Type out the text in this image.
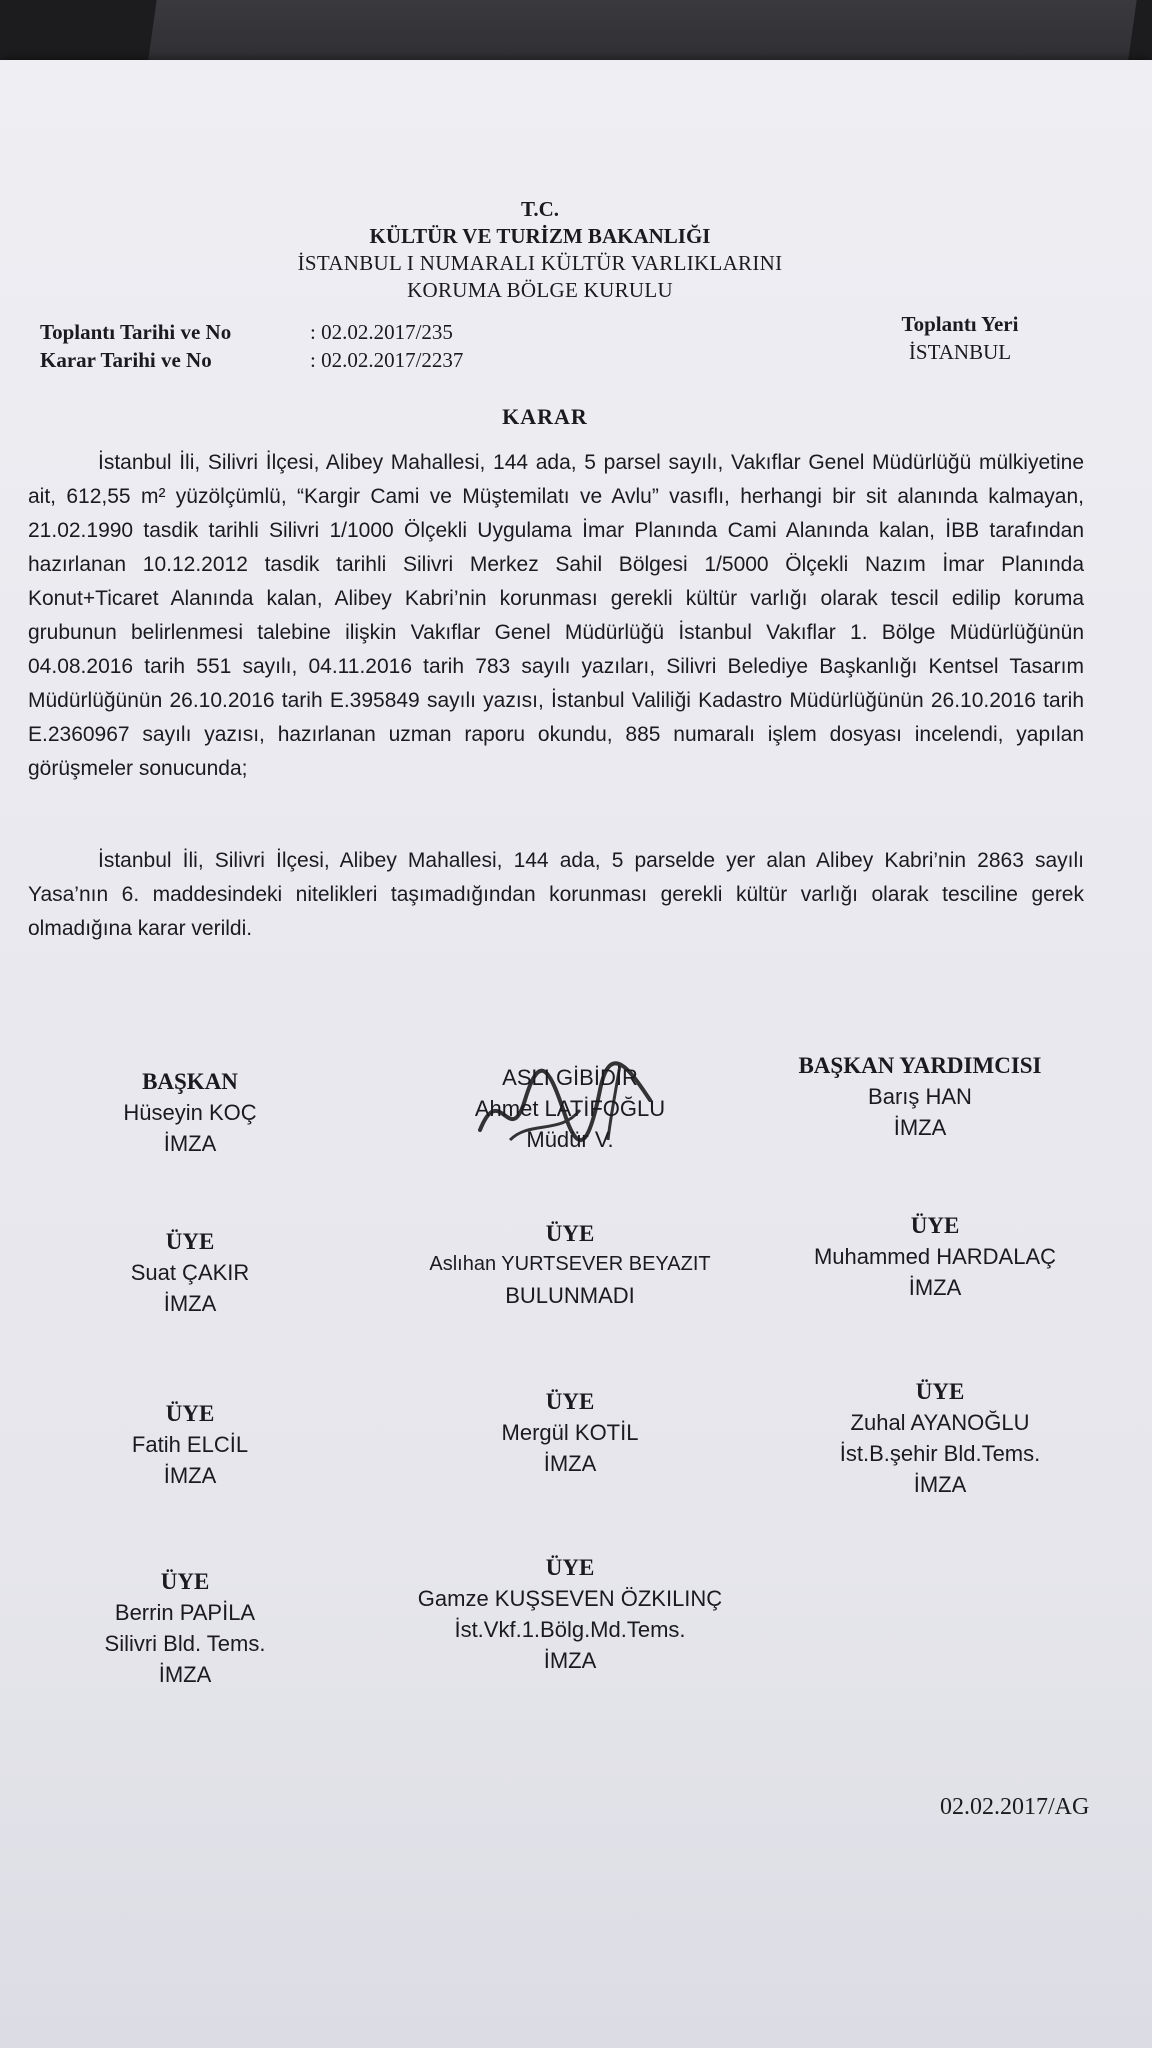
T.C.
KÜLTÜR VE TURİZM BAKANLIĞI
İSTANBUL I NUMARALI KÜLTÜR VARLIKLARINI
KORUMA BÖLGE KURULU
Toplantı Tarihi ve No	: 02.02.2017/235
Karar Tarihi ve No	: 02.02.2017/2237
Toplantı Yeri
İSTANBUL
KARAR
İstanbul İli, Silivri İlçesi, Alibey Mahallesi, 144 ada, 5 parsel sayılı, Vakıflar Genel Müdürlüğü mülkiyetine ait, 612,55 m² yüzölçümlü, “Kargir Cami ve Müştemilatı ve Avlu” vasıflı, herhangi bir sit alanında kalmayan, 21.02.1990 tasdik tarihli Silivri 1/1000 Ölçekli Uygulama İmar Planında Cami Alanında kalan, İBB tarafından hazırlanan 10.12.2012 tasdik tarihli Silivri Merkez Sahil Bölgesi 1/5000 Ölçekli Nazım İmar Planında Konut+Ticaret Alanında kalan, Alibey Kabri’nin korunması gerekli kültür varlığı olarak tescil edilip koruma grubunun belirlenmesi talebine ilişkin Vakıflar Genel Müdürlüğü İstanbul Vakıflar 1. Bölge Müdürlüğünün 04.08.2016 tarih 551 sayılı, 04.11.2016 tarih 783 sayılı yazıları, Silivri Belediye Başkanlığı Kentsel Tasarım Müdürlüğünün 26.10.2016 tarih E.395849 sayılı yazısı, İstanbul Valiliği Kadastro Müdürlüğünün 26.10.2016 tarih E.2360967 sayılı yazısı, hazırlanan uzman raporu okundu, 885 numaralı işlem dosyası incelendi, yapılan görüşmeler sonucunda;
İstanbul İli, Silivri İlçesi, Alibey Mahallesi, 144 ada, 5 parselde yer alan Alibey Kabri’nin 2863 sayılı Yasa’nın 6. maddesindeki nitelikleri taşımadığından korunması gerekli kültür varlığı olarak tesciline gerek olmadığına karar verildi.
BAŞKAN
Hüseyin KOÇ
İMZA
ASLI GİBİDİR
Ahmet LATİFOĞLU
Müdür V.
BAŞKAN YARDIMCISI
Barış HAN
İMZA
ÜYE
Suat ÇAKIR
İMZA
ÜYE
Aslıhan YURTSEVER BEYAZIT
BULUNMADI
ÜYE
Muhammed HARDALAÇ
İMZA
ÜYE
Fatih ELCİL
İMZA
ÜYE
Mergül KOTİL
İMZA
ÜYE
Zuhal AYANOĞLU
İst.B.şehir Bld.Tems.
İMZA
ÜYE
Berrin PAPİLA
Silivri Bld. Tems.
İMZA
ÜYE
Gamze KUŞSEVEN ÖZKILINÇ
İst.Vkf.1.Bölg.Md.Tems.
İMZA
02.02.2017/AG
